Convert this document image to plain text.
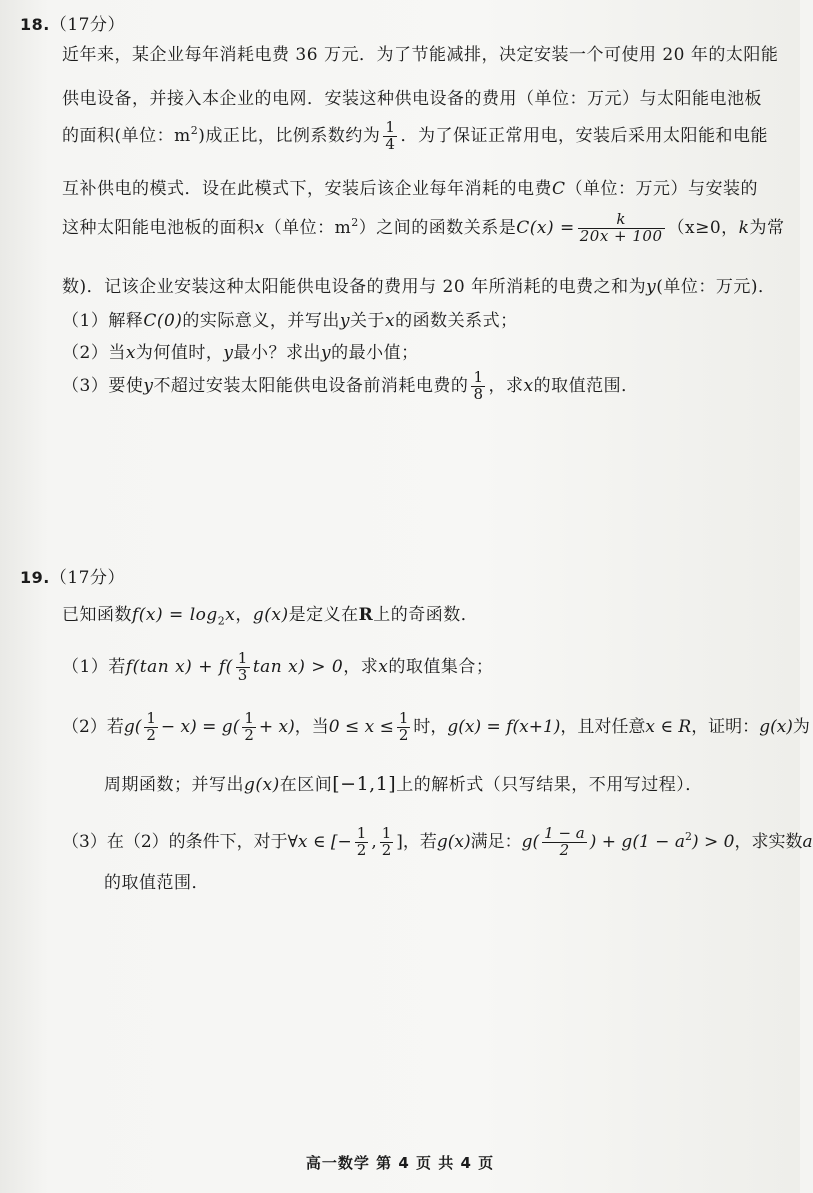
18.（17分）
近年来，某企业每年消耗电费 36 万元．为了节能减排，决定安装一个可使用 20 年的太阳能
供电设备，并接入本企业的电网．安装这种供电设备的费用（单位：万元）与太阳能电池板
的面积(单位：$m^2$)成正比，比例系数约为 $\frac{1}{4}$ ．为了保证正常用电，安装后采用太阳能和电能
互补供电的模式．设在此模式下，安装后该企业每年消耗的电费C（单位：万元）与安装的
这种太阳能电池板的面积x（单位：$m^2$）之间的函数关系是$C(x) = \frac{k}{20x + 100} (x\ge 0$，k为常
数)．记该企业安装这种太阳能供电设备的费用与 20 年所消耗的电费之和为y(单位：万元)．
（1）解释C(0)的实际意义，并写出y关于x的函数关系式；
（2）当x为何值时，y最小？求出y的最小值；
（3）要使y不超过安装太阳能供电设备前消耗电费的 $\frac{1}{8}$ ，求x的取值范围．
19.（17分）
已知函数$f(x) = \log_2x$，g(x)是定义在R上的奇函数．
（1）若f(tan $x) + f( \frac{1}{3}$ tan x) > 0，求x的取值集合；
（2）若$g( \frac{1}{2} - x) = g( \frac{1}{2} + x)$，当$0 \le x \le \frac{1}{2}$ 时，g(x) = f(x+1)，且对任意x ∈ R，证明：g(x)为
周期函数；并写出g(x)在区间[−1,1]上的解析式（只写结果，不用写过程）．
（3）在（2）的条件下，对于∀x ∈ [− $\frac{1}{2}$ , $\frac{1}{2}$ ]，若g(x)满足：$g( \frac{1 - a}{2}$ ) + $g(1 - a^2) > 0$，求实数a
的取值范围．
高一数学 第 4 页 共 4 页
